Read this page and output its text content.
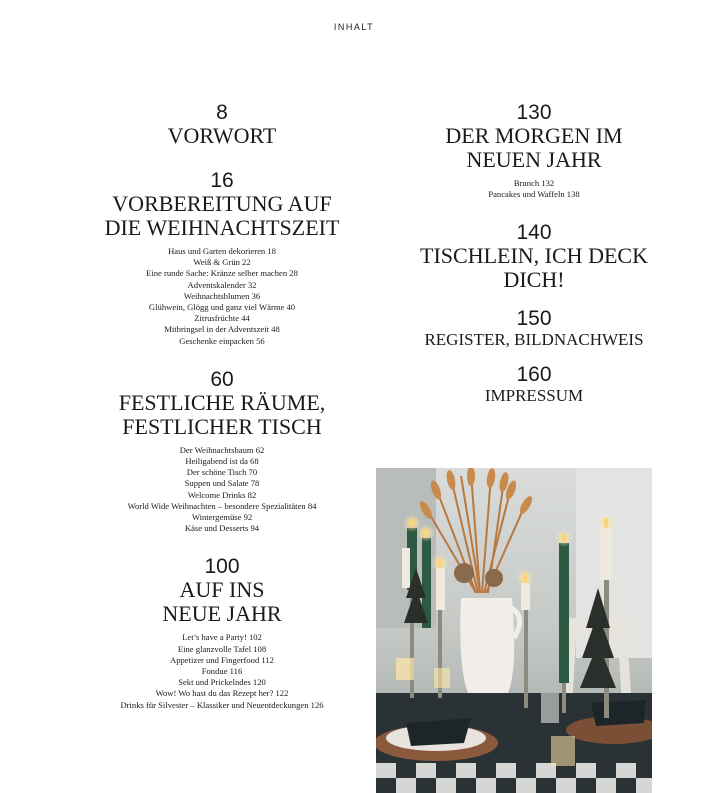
INHALT
8
VORWORT
16
VORBEREITUNG AUF
DIE WEIHNACHTSZEIT
Haus und Garten dekorieren 18
Weiß & Grün 22
Eine runde Sache: Kränze selber machen 28
Adventskalender 32
Weihnachtsblumen 36
Glühwein, Glögg und ganz viel Wärme 40
Zitrusfrüchte 44
Mitbringsel in der Adventszeit 48
Geschenke einpacken 56
60
FESTLICHE RÄUME,
FESTLICHER TISCH
Der Weihnachtsbaum 62
Heiligabend ist da 68
Der schöne Tisch 70
Suppen und Salate 78
Welcome Drinks 82
World Wide Weihnachten – besondere Spezialitäten 84
Wintergemüse 92
Käse und Desserts 94
100
AUF INS
NEUE JAHR
Let’s have a Party! 102
Eine glanzvolle Tafel 108
Appetizer und Fingerfood 112
Fondue 116
Sekt und Prickelndes 120
Wow! Wo hast du das Rezept her? 122
Drinks für Silvester – Klassiker und Neuentdeckungen 126
130
DER MORGEN IM
NEUEN JAHR
Brunch 132
Pancakes und Waffeln 138
140
TISCHLEIN, ICH DECK
DICH!
150
REGISTER, BILDNACHWEIS
160
IMPRESSUM
